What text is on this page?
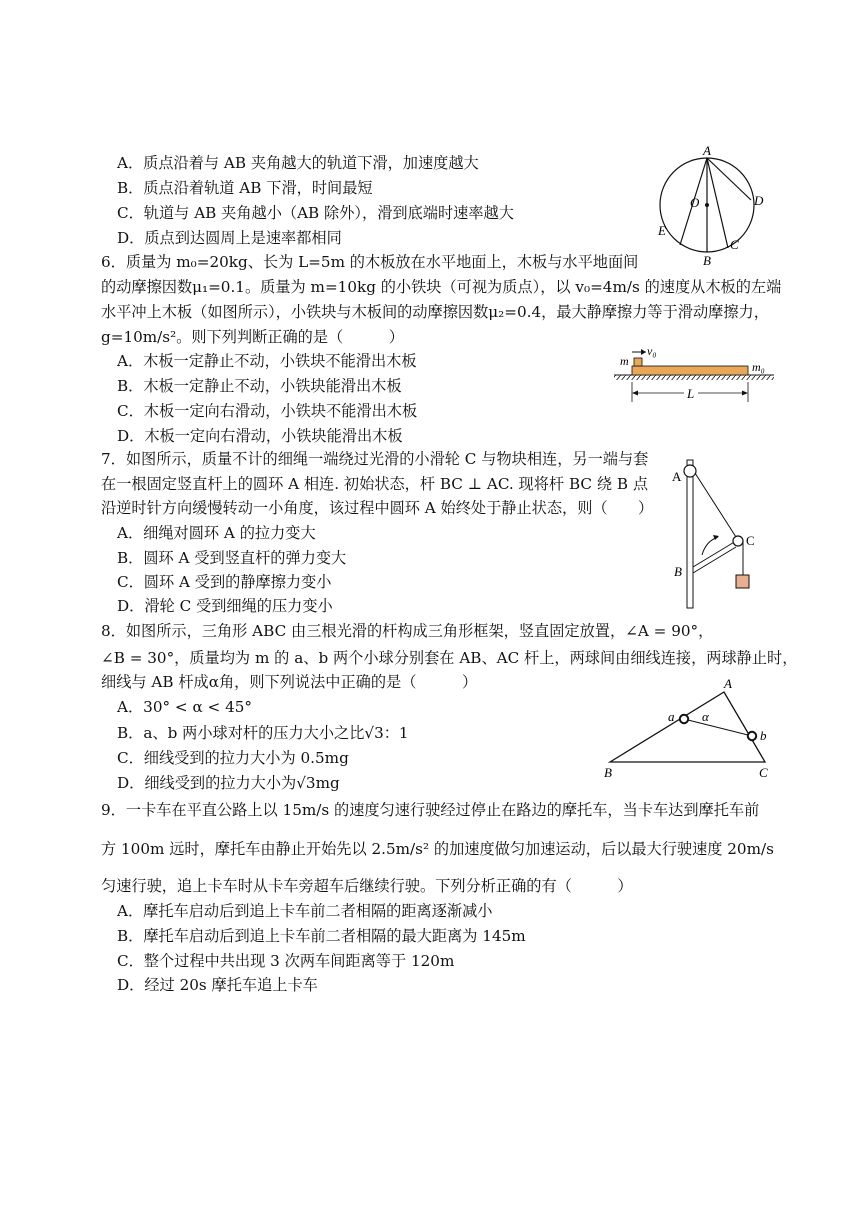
A．质点沿着与 AB 夹角越大的轨道下滑，加速度越大
B．质点沿着轨道 AB 下滑，时间最短
C．轨道与 AB 夹角越小（AB 除外），滑到底端时速率越大
D．质点到达圆周上是速率都相同
A
O	D
E
B
C
6．质量为 m₀=20kg、长为 L=5m 的木板放在水平地面上，木板与水平地面间
的动摩擦因数μ₁=0.1。质量为 m=10kg 的小铁块（可视为质点），以 v₀=4m/s 的速度从木板的左端
水平冲上木板（如图所示），小铁块与木板间的动摩擦因数μ₂=0.4，最大静摩擦力等于滑动摩擦力，
g=10m/s²。则下列判断正确的是（　　　）
A．木板一定静止不动，小铁块不能滑出木板
B．木板一定静止不动，小铁块能滑出木板
C．木板一定向右滑动，小铁块不能滑出木板
D．木板一定向右滑动，小铁块能滑出木板
m
v₀
m₀
L
7．如图所示，质量不计的细绳一端绕过光滑的小滑轮 C 与物块相连，另一端与套
在一根固定竖直杆上的圆环 A 相连. 初始状态，杆 BC ⊥ AC. 现将杆 BC 绕 B 点
沿逆时针方向缓慢转动一小角度，该过程中圆环 A 始终处于静止状态，则（　　）
A．细绳对圆环 A 的拉力变大
B．圆环 A 受到竖直杆的弹力变大
C．圆环 A 受到的静摩擦力变小
D．滑轮 C 受到细绳的压力变小
A
B
C
8．如图所示，三角形 ABC 由三根光滑的杆构成三角形框架，竖直固定放置，∠A = 90°，
∠B = 30°，质量均为 m 的 a、b 两个小球分别套在 AB、AC 杆上，两球间由细线连接，两球静止时，
细线与 AB 杆成α角，则下列说法中正确的是（　　　）
A．30° < α < 45°
B．a、b 两小球对杆的压力大小之比√3：1
C．细线受到的拉力大小为 0.5mg
D．细线受到的拉力大小为√3mg
A
B	C
a
b
α
9．一卡车在平直公路上以 15m/s 的速度匀速行驶经过停止在路边的摩托车，当卡车达到摩托车前
方 100m 远时，摩托车由静止开始先以 2.5m/s² 的加速度做匀加速运动，后以最大行驶速度 20m/s
匀速行驶，追上卡车时从卡车旁超车后继续行驶。下列分析正确的有（　　　）
A．摩托车启动后到追上卡车前二者相隔的距离逐渐减小
B．摩托车启动后到追上卡车前二者相隔的最大距离为 145m
C．整个过程中共出现 3 次两车间距离等于 120m
D．经过 20s 摩托车追上卡车
